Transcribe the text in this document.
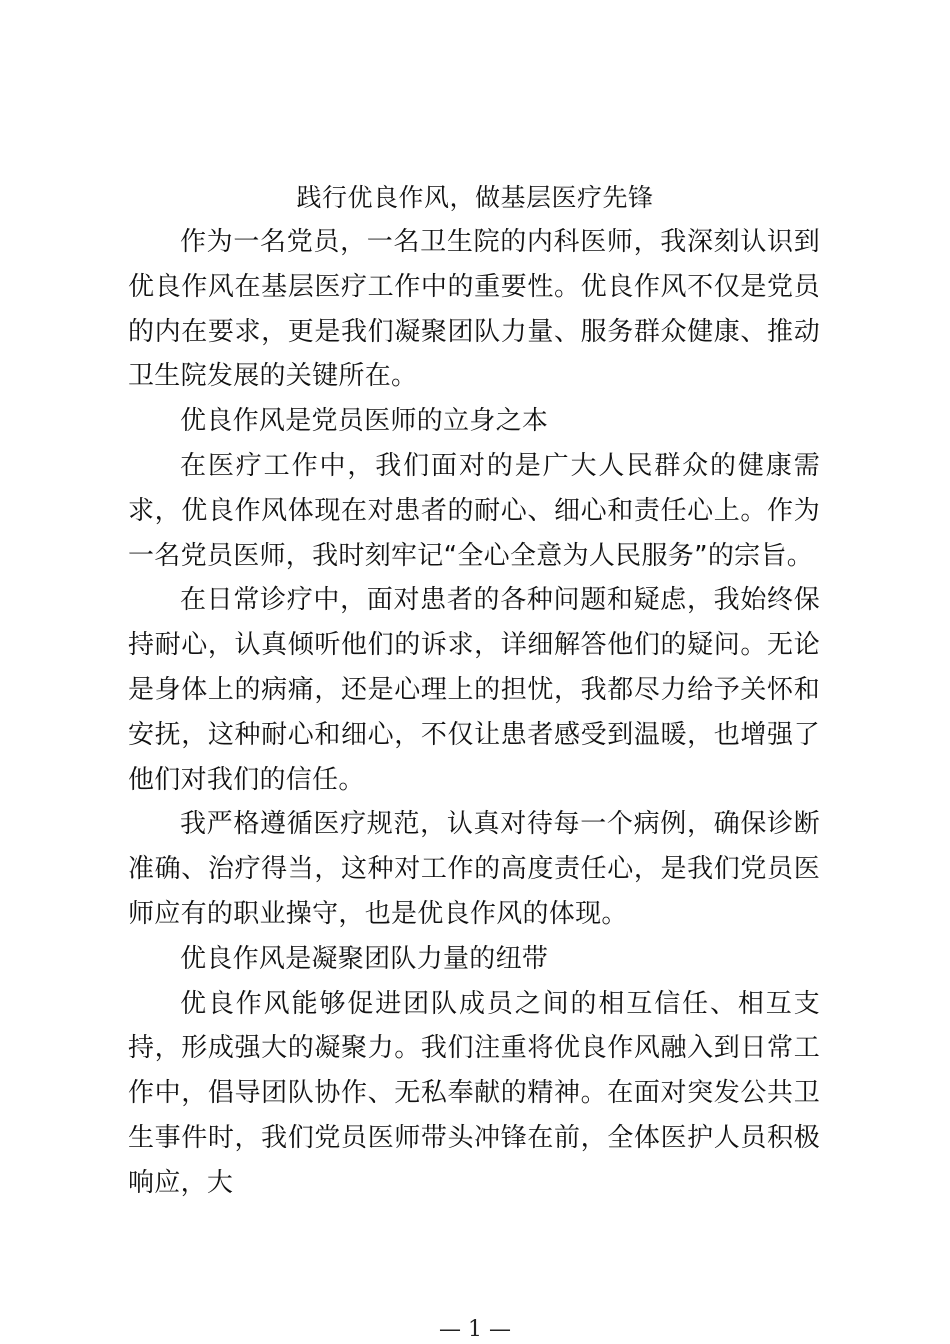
践行优良作风，做基层医疗先锋

作为一名党员，一名卫生院的内科医师，我深刻认识到优良作风在基层医疗工作中的重要性。优良作风不仅是党员的内在要求，更是我们凝聚团队力量、服务群众健康、推动卫生院发展的关键所在。

优良作风是党员医师的立身之本

在医疗工作中，我们面对的是广大人民群众的健康需求，优良作风体现在对患者的耐心、细心和责任心上。作为一名党员医师，我时刻牢记“全心全意为人民服务”的宗旨。

在日常诊疗中，面对患者的各种问题和疑虑，我始终保持耐心，认真倾听他们的诉求，详细解答他们的疑问。无论是身体上的病痛，还是心理上的担忧，我都尽力给予关怀和安抚，这种耐心和细心，不仅让患者感受到温暖，也增强了他们对我们的信任。

我严格遵循医疗规范，认真对待每一个病例，确保诊断准确、治疗得当，这种对工作的高度责任心，是我们党员医师应有的职业操守，也是优良作风的体现。

优良作风是凝聚团队力量的纽带

优良作风能够促进团队成员之间的相互信任、相互支持，形成强大的凝聚力。我们注重将优良作风融入到日常工作中，倡导团队协作、无私奉献的精神。在面对突发公共卫生事件时，我们党员医师带头冲锋在前，全体医护人员积极响应，大

— 1 —
